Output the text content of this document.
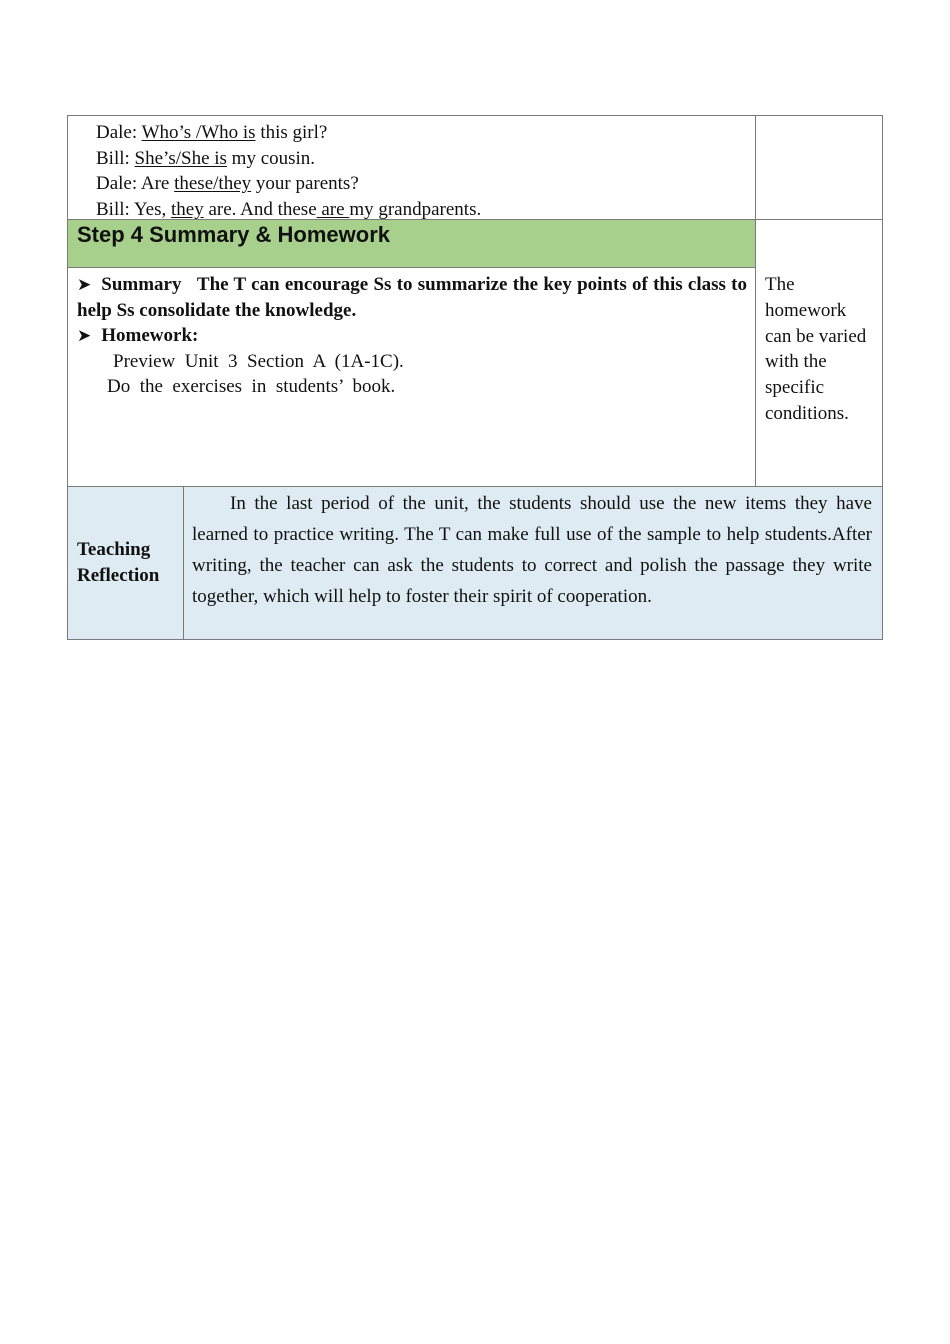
Dale: Who’s /Who is this girl?
Bill: She’s/She is my cousin.
Dale: Are these/they your parents?
Bill: Yes, they are. And these are my grandparents.
Step 4 Summary & Homework
➤ Summary The T can encourage Ss to summarize the key points of this class to help Ss consolidate the knowledge.
➤ Homework:
Preview  Unit  3  Section  A  (1A-1C).
Do  the  exercises  in  students’  book.
The homework can be varied with the specific conditions.
Teaching
Reflection
In the last period of the unit, the students should use the new items they have learned to practice writing. The T can make full use of the sample to help students.After writing, the teacher can ask the students to correct and polish the passage they write together, which will help to foster their spirit of cooperation.
